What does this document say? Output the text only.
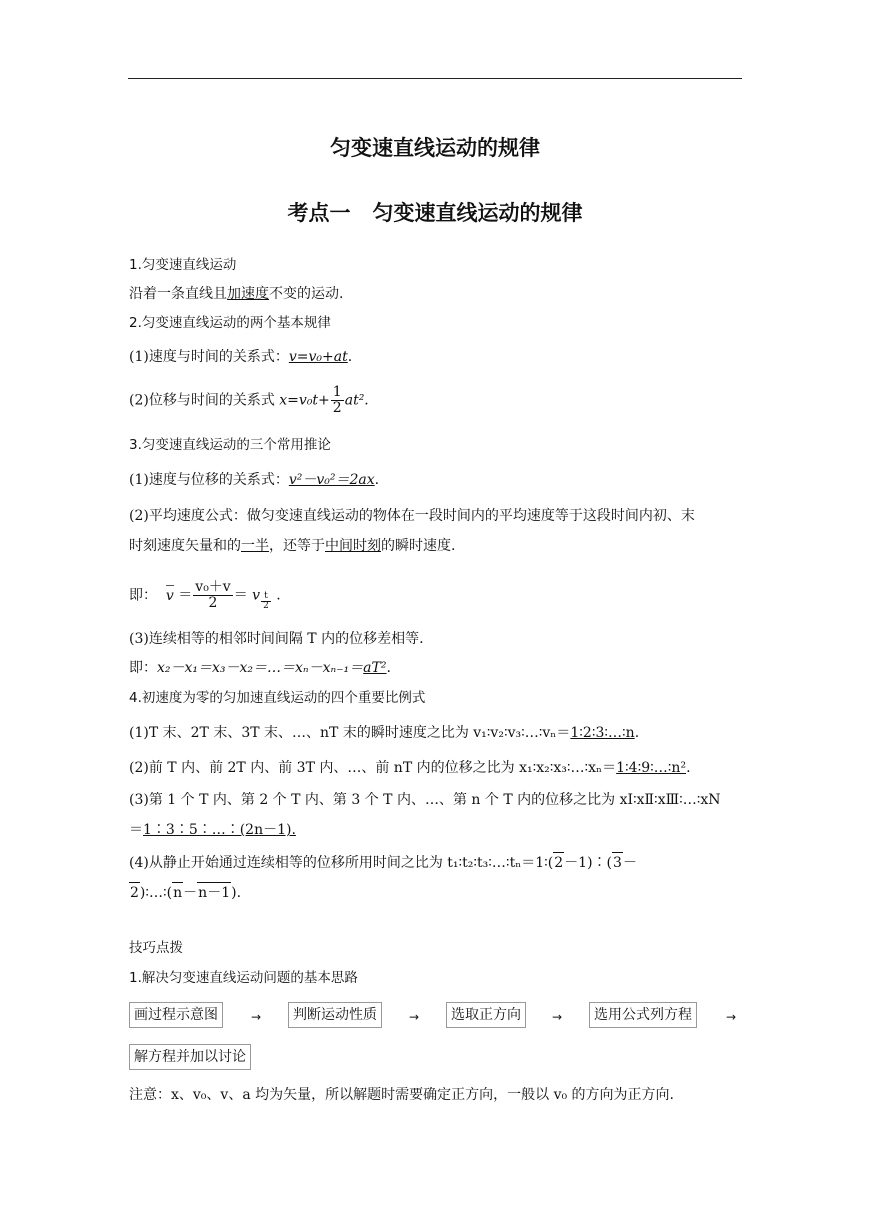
匀变速直线运动的规律
考点一 匀变速直线运动的规律
1.匀变速直线运动
沿着一条直线且加速度不变的运动.
2.匀变速直线运动的两个基本规律
(1)速度与时间的关系式：v=v₀+at.
(2)位移与时间的关系式 $x=v_0t+ \frac{1}{2} at^2$.
3.匀变速直线运动的三个常用推论
(1)速度与位移的关系式：v²－v₀²＝2ax.
(2)平均速度公式：做匀变速直线运动的物体在一段时间内的平均速度等于这段时间内初、末
时刻速度矢量和的一半，还等于中间时刻的瞬时速度.
即： $v = \frac{\text{v₀＋v}}{2} = v \frac{t}{2}$ .
(3)连续相等的相邻时间间隔 T 内的位移差相等.
即：x₂－x₁＝x₃－x₂＝…＝xₙ－xₙ₋₁＝aT².
4.初速度为零的匀加速直线运动的四个重要比例式
(1)T 末、2T 末、3T 末、…、nT 末的瞬时速度之比为 v₁∶v₂∶v₃∶…∶vₙ＝1∶2∶3∶…∶n.
(2)前 T 内、前 2T 内、前 3T 内、…、前 nT 内的位移之比为 x₁∶x₂∶x₃∶…∶xₙ＝1∶4∶9∶…∶n².
(3)第 1 个 T 内、第 2 个 T 内、第 3 个 T 内、…、第 n 个 T 内的位移之比为 xⅠ∶xⅡ∶xⅢ∶…∶xN
＝1∶3∶5∶…∶(2n－1).
(4)从静止开始通过连续相等的位移所用时间之比为 t₁∶t₂∶t₃∶…∶tₙ＝1∶(2－1)∶(3－
2)∶…∶(n－n－1).
技巧点拨
1.解决匀变速直线运动问题的基本思路
画过程示意图	→	判断运动性质	→	选取正方向	→	选用公式列方程	→
解方程并加以讨论
注意：x、v₀、v、a 均为矢量，所以解题时需要确定正方向，一般以 v₀ 的方向为正方向.
